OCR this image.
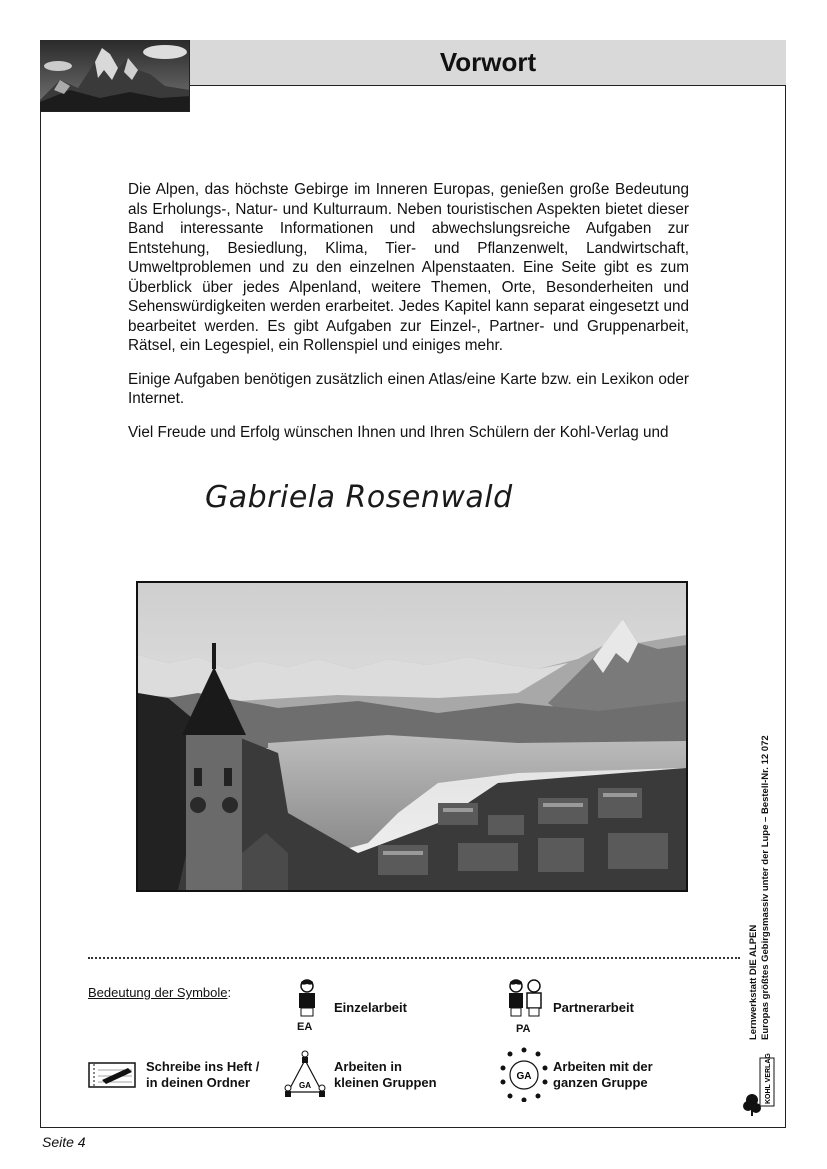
Vorwort

Die Alpen, das höchste Gebirge im Inneren Europas, genießen große Bedeutung als Erholungs-, Natur- und Kulturraum. Neben touristischen Aspekten bietet dieser Band interessante Informationen und abwechslungsreiche Aufgaben zur Entstehung, Besiedlung, Klima, Tier- und Pflanzenwelt, Landwirtschaft, Umweltproblemen und zu den einzelnen Alpenstaaten. Eine Seite gibt es zum Überblick über jedes Alpenland, weitere Themen, Orte, Besonderheiten und Sehenswürdigkeiten werden erarbeitet. Jedes Kapitel kann separat eingesetzt und bearbeitet werden. Es gibt Aufgaben zur Einzel-, Partner- und Gruppenarbeit, Rätsel, ein Legespiel, ein Rollenspiel und einiges mehr.

Einige Aufgaben benötigen zusätzlich einen Atlas/eine Karte bzw. ein Lexikon oder Internet.

Viel Freude und Erfolg wünschen Ihnen und Ihren Schülern der Kohl-Verlag und

Gabriela Rosenwald
Bedeutung der Symbole:
EA
Einzelarbeit
PA
Partnerarbeit
Schreibe ins Heft /
in deinen Ordner	GA
Arbeiten in
kleinen Gruppen	GA
Arbeiten mit der
ganzen Gruppe
Lernwerkstatt DIE ALPEN Europas größtes Gebirgsmassiv unter der Lupe – Bestell-Nr. 12 072
KOHL VERLAG
Seite 4
